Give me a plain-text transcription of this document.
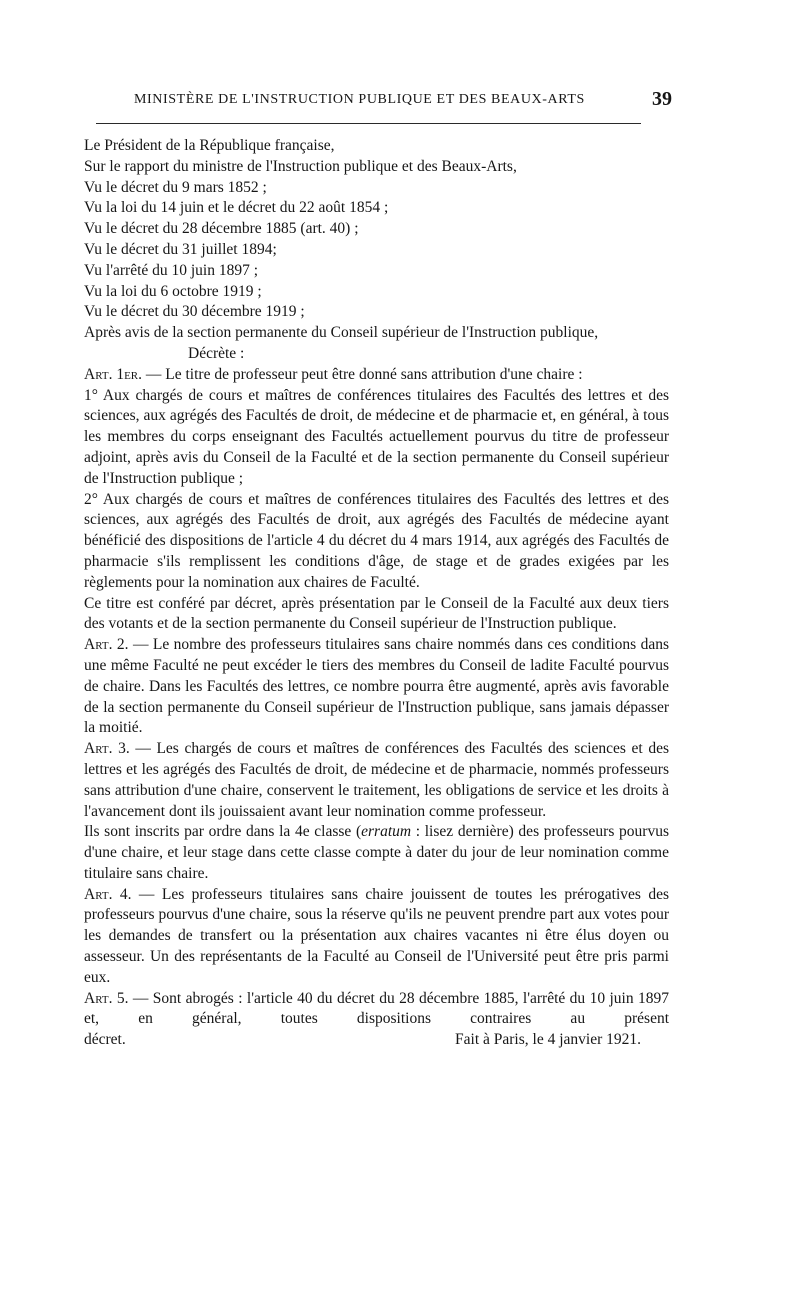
MINISTÈRE DE L'INSTRUCTION PUBLIQUE ET DES BEAUX-ARTS	39

Le Président de la République française,

Sur le rapport du ministre de l'Instruction publique et des Beaux-Arts,

Vu le décret du 9 mars 1852 ;

Vu la loi du 14 juin et le décret du 22 août 1854 ;

Vu le décret du 28 décembre 1885 (art. 40) ;

Vu le décret du 31 juillet 1894;

Vu l'arrêté du 10 juin 1897 ;

Vu la loi du 6 octobre 1919 ;

Vu le décret du 30 décembre 1919 ;

Après avis de la section permanente du Conseil supérieur de l'Instruction publique,

Décrète :

Art. 1er. — Le titre de professeur peut être donné sans attribution d'une chaire :

1° Aux chargés de cours et maîtres de conférences titulaires des Facultés des lettres et des sciences, aux agrégés des Facultés de droit, de médecine et de pharmacie et, en général, à tous les membres du corps enseignant des Facultés actuellement pourvus du titre de professeur adjoint, après avis du Conseil de la Faculté et de la section permanente du Conseil supérieur de l'Instruction publique ;

2° Aux chargés de cours et maîtres de conférences titulaires des Facultés des lettres et des sciences, aux agrégés des Facultés de droit, aux agrégés des Facultés de médecine ayant bénéficié des dispositions de l'article 4 du décret du 4 mars 1914, aux agrégés des Facultés de pharmacie s'ils remplissent les conditions d'âge, de stage et de grades exigées par les règlements pour la nomination aux chaires de Faculté.

Ce titre est conféré par décret, après présentation par le Conseil de la Faculté aux deux tiers des votants et de la section permanente du Conseil supérieur de l'Instruction publique.

Art. 2. — Le nombre des professeurs titulaires sans chaire nommés dans ces conditions dans une même Faculté ne peut excéder le tiers des membres du Conseil de ladite Faculté pourvus de chaire. Dans les Facultés des lettres, ce nombre pourra être augmenté, après avis favorable de la section permanente du Conseil supérieur de l'Instruction publique, sans jamais dépasser la moitié.

Art. 3. — Les chargés de cours et maîtres de conférences des Facultés des sciences et des lettres et les agrégés des Facultés de droit, de médecine et de pharmacie, nommés professeurs sans attribution d'une chaire, conservent le traitement, les obligations de service et les droits à l'avancement dont ils jouissaient avant leur nomination comme professeur.

Ils sont inscrits par ordre dans la 4e classe (erratum : lisez dernière) des professeurs pourvus d'une chaire, et leur stage dans cette classe compte à dater du jour de leur nomination comme titulaire sans chaire.

Art. 4. — Les professeurs titulaires sans chaire jouissent de toutes les prérogatives des professeurs pourvus d'une chaire, sous la réserve qu'ils ne peuvent prendre part aux votes pour les demandes de transfert ou la présentation aux chaires vacantes ni être élus doyen ou assesseur. Un des représentants de la Faculté au Conseil de l'Université peut être pris parmi eux.

Art. 5. — Sont abrogés : l'article 40 du décret du 28 décembre 1885, l'arrêté du 10 juin 1897 et, en général, toutes dispositions contraires au présent

décret.	Fait à Paris, le 4 janvier 1921.
